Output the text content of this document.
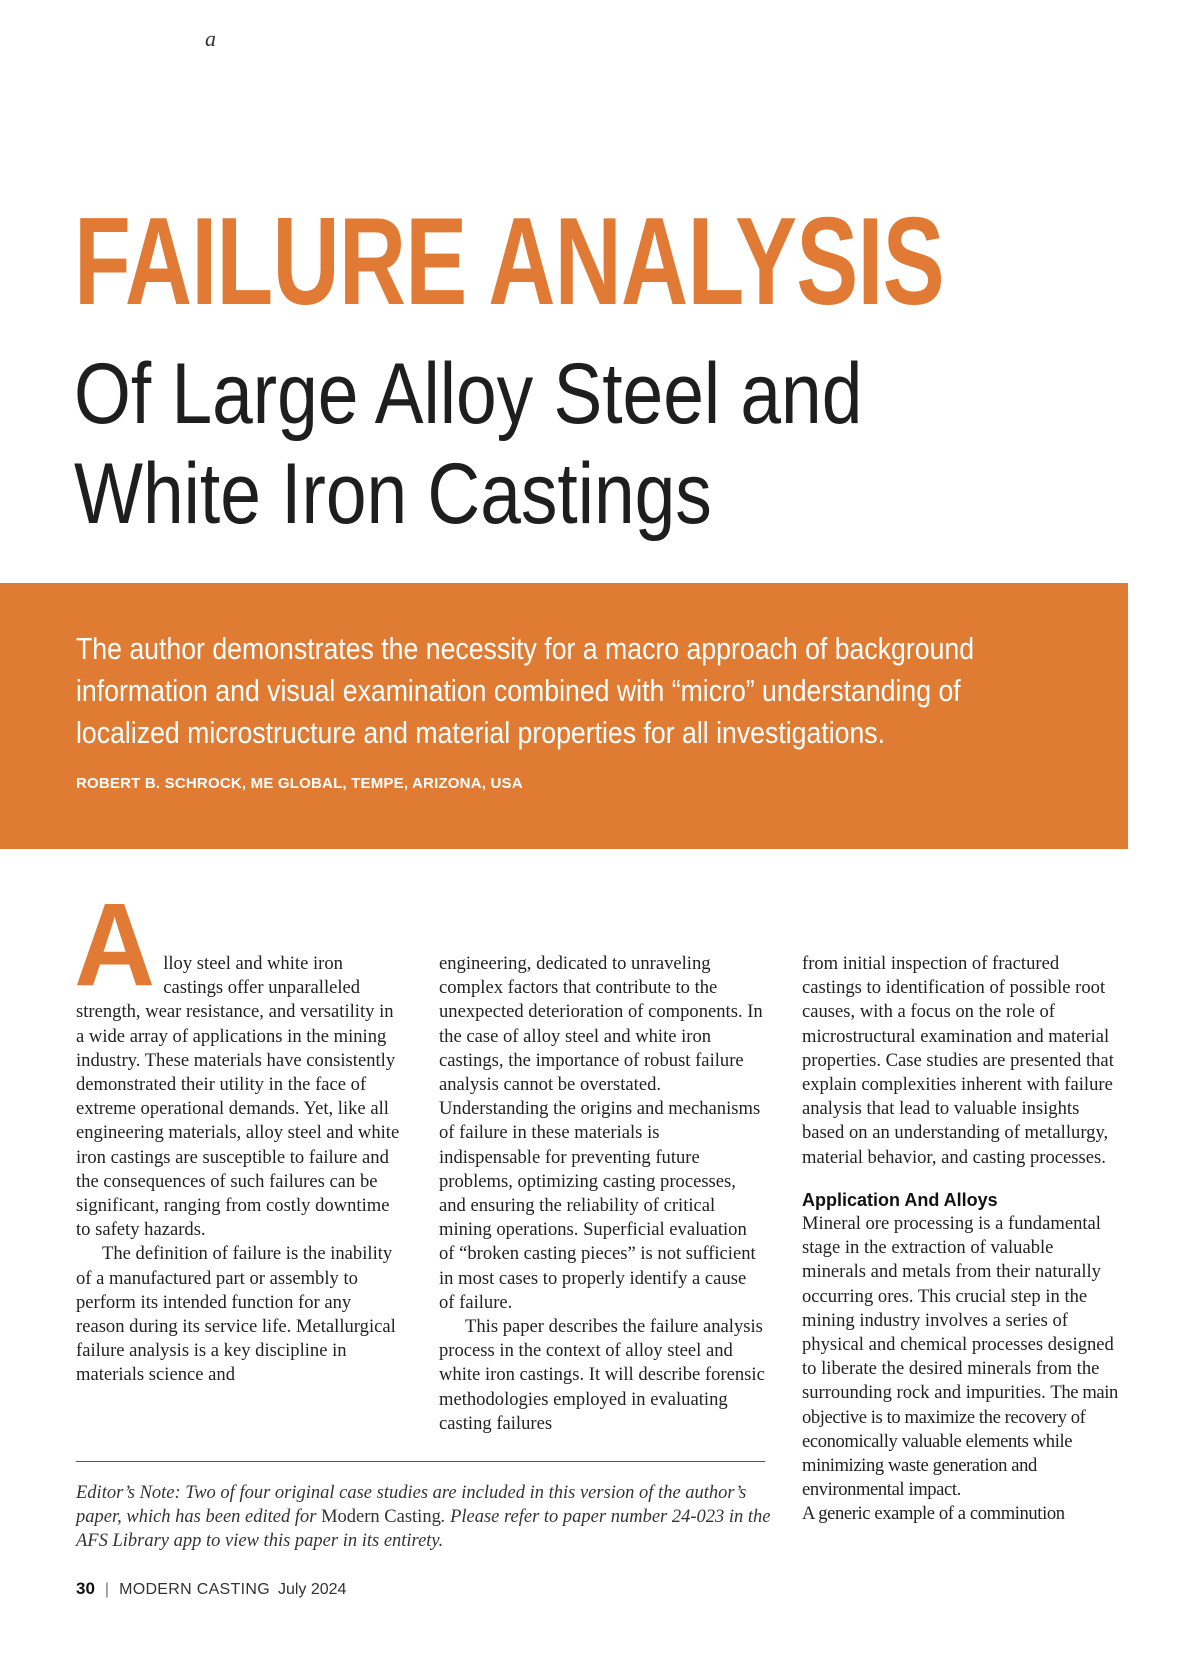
a
FAILURE ANALYSIS
Of Large Alloy Steel and
White Iron Castings

The author demonstrates the necessity for a macro approach of background information and visual examination combined with “micro” understanding of localized microstructure and material properties for all investigations.

ROBERT B. SCHROCK, ME GLOBAL, TEMPE, ARIZONA, USA

A lloy steel and white iron castings offer unparalleled strength, wear resistance, and versatility in a wide array of applications in the mining industry. These materials have consistently demonstrated their utility in the face of extreme operational demands. Yet, like all engineering materials, alloy steel and white iron castings are susceptible to failure and the consequences of such failures can be significant, ranging from costly downtime to safety hazards.

The definition of failure is the inability of a manufactured part or assembly to perform its intended function for any reason during its service life. Metallurgical failure analysis is a key discipline in materials science and

engineering, dedicated to unraveling complex factors that contribute to the unexpected deterioration of components. In the case of alloy steel and white iron castings, the importance of robust failure analysis cannot be overstated. Understanding the origins and mechanisms of failure in these materials is indispensable for preventing future problems, optimizing casting processes, and ensuring the reliability of critical mining operations. Superficial evaluation of “broken casting pieces” is not sufficient in most cases to properly identify a cause of failure.

This paper describes the failure analysis process in the context of alloy steel and white iron castings. It will describe forensic methodologies employed in evaluating casting failures

from initial inspection of fractured castings to identification of possible root causes, with a focus on the role of microstructural examination and material properties. Case studies are presented that explain complexities inherent with failure analysis that lead to valuable insights based on an understanding of metallurgy, material behavior, and casting processes.

Application And Alloys

Mineral ore processing is a fundamental stage in the extraction of valuable minerals and metals from their naturally occurring ores. This crucial step in the mining industry involves a series of physical and chemical processes designed to liberate the desired minerals from the surrounding rock and impurities. The main objective is to maximize the recovery of economically valuable elements while minimizing waste generation and environmental impact.

A generic example of a comminution

Editor’s Note: Two of four original case studies are included in this version of the author’s paper, which has been edited for Modern Casting. Please refer to paper number 24-023 in the AFS Library app to view this paper in its entirety.

30 | MODERN CASTING July 2024
